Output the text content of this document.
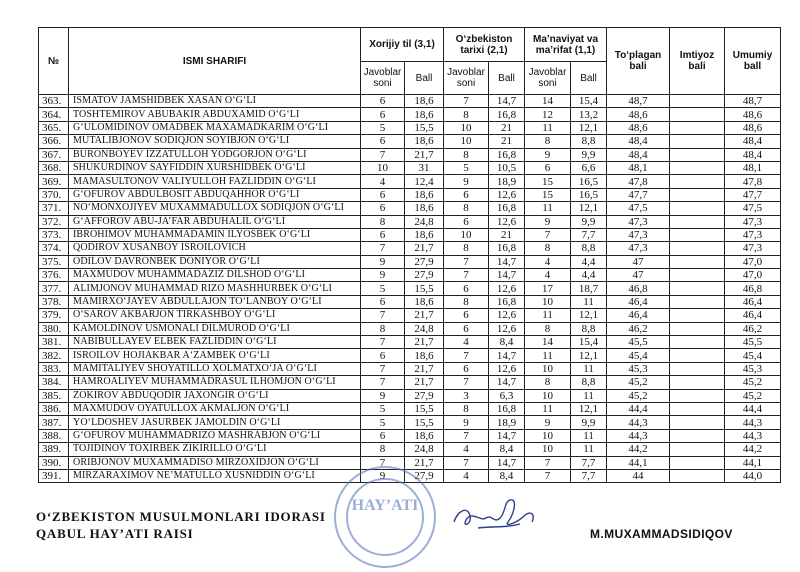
№	ISMI SHARIFI	Xorijiy til (3,1)		O‘zbekiston tarixi (2,1)		Ma’naviyat va ma’rifat (1,1)		To‘plagan bali	Imtiyoz bali	Umumiy ball
		Javoblar soni	Ball	Javoblar soni	Ball	Javoblar soni	Ball			
363.	ISMATOV JAMSHIDBEK XASAN O‘G‘LI	6	18,6	7	14,7	14	15,4	48,7		48,7
364.	TOSHTEMIROV ABUBAKIR ABDUXAMID O‘G‘LI	6	18,6	8	16,8	12	13,2	48,6		48,6
365.	G‘ULOMIDINOV OMADBEK MAXAMADKARIM O‘G‘LI	5	15,5	10	21	11	12,1	48,6		48,6
366.	MUTALIBJONOV SODIQJON SOYIBJON O‘G‘LI	6	18,6	10	21	8	8,8	48,4		48,4
367.	BURONBOYEV IZZATULLOH YODGORJON O‘G‘LI	7	21,7	8	16,8	9	9,9	48,4		48,4
368.	SHUKURDINOV SAYFIDDIN XURSHIDBEK O‘G‘LI	10	31	5	10,5	6	6,6	48,1		48,1
369.	MAMASULTONOV VALIYULLOH FAZLIDDIN O‘G‘LI	4	12,4	9	18,9	15	16,5	47,8		47,8
370.	G‘OFUROV ABDULBOSIT ABDUQAHHOR O‘G‘LI	6	18,6	6	12,6	15	16,5	47,7		47,7
371.	NO‘MONXOJIYEV MUXAMMADULLOX SODIQJON O‘G‘LI	6	18,6	8	16,8	11	12,1	47,5		47,5
372.	G‘AFFOROV ABU-JA’FAR ABDUHALIL O‘G‘LI	8	24,8	6	12,6	9	9,9	47,3		47,3
373.	IBROHIMOV MUHAMMADAMIN ILYOSBEK O‘G‘LI	6	18,6	10	21	7	7,7	47,3		47,3
374.	QODIROV XUSANBOY ISROILOVICH	7	21,7	8	16,8	8	8,8	47,3		47,3
375.	ODILOV DAVRONBEK DONIYOR O‘G‘LI	9	27,9	7	14,7	4	4,4	47		47,0
376.	MAXMUDOV MUHAMMADAZIZ DILSHOD O‘G‘LI	9	27,9	7	14,7	4	4,4	47		47,0
377.	ALIMJONOV MUHAMMAD RIZO MASHHURBEK O‘G‘LI	5	15,5	6	12,6	17	18,7	46,8		46,8
378.	MAMIRXO‘JAYEV ABDULLAJON TO‘LANBOY O‘G‘LI	6	18,6	8	16,8	10	11	46,4		46,4
379.	O‘SAROV AKBARJON TIRKASHBOY O‘G‘LI	7	21,7	6	12,6	11	12,1	46,4		46,4
380.	KAMOLDINOV USMONALI DILMUROD O‘G‘LI	8	24,8	6	12,6	8	8,8	46,2		46,2
381.	NABIBULLAYEV ELBEK FAZLIDDIN O‘G‘LI	7	21,7	4	8,4	14	15,4	45,5		45,5
382.	ISROILOV HOJIAKBAR A‘ZAMBEK O‘G‘LI	6	18,6	7	14,7	11	12,1	45,4		45,4
383.	MAMITALIYEV SHOYATILLO XOLMATXO‘JA O‘G‘LI	7	21,7	6	12,6	10	11	45,3		45,3
384.	HAMROALIYEV MUHAMMADRASUL ILHOMJON O‘G‘LI	7	21,7	7	14,7	8	8,8	45,2		45,2
385.	ZOKIROV ABDUQODIR JAXONGIR O‘G‘LI	9	27,9	3	6,3	10	11	45,2		45,2
386.	MAXMUDOV OYATULLOX AKMALJON O‘G‘LI	5	15,5	8	16,8	11	12,1	44,4		44,4
387.	YO‘LDOSHEV JASURBEK JAMOLDIN O‘G‘LI	5	15,5	9	18,9	9	9,9	44,3		44,3
388.	G‘OFUROV MUHAMMADRIZO MASHRABJON O‘G‘LI	6	18,6	7	14,7	10	11	44,3		44,3
389.	TOJIDINOV TOXIRBEK ZIKIRILLO O‘G‘LI	8	24,8	4	8,4	10	11	44,2		44,2
390.	ORIBJONOV MUXAMMADISO MIRZOXIDJON O‘G‘LI	7	21,7	7	14,7	7	7,7	44,1		44,1
391.	MIRZARAXIMOV NE’MATULLO XUSNIDDIN O‘G‘LI	9	27,9	4	8,4	7	7,7	44		44,0
O‘ZBEKISTON MUSULMONLARI IDORASI
QABUL HAY’ATI RAISI
HAY’ATI
M.MUXAMMADSIDIQOV
